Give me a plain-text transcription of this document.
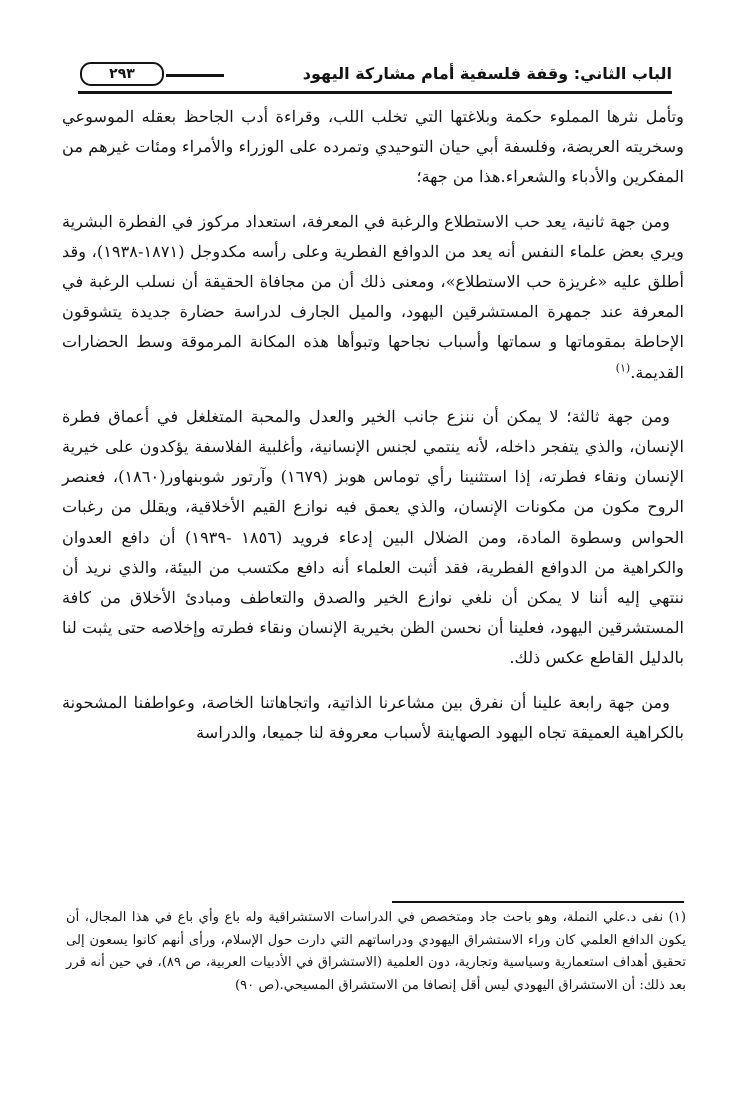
الباب الثاني: وقفة فلسفية أمام مشاركة اليهود
٢٩٣

وتأمل نثرها المملوء حكمة وبلاغتها التي تخلب اللب، وقراءة أدب الجاحظ بعقله الموسوعي وسخريته العريضة، وفلسفة أبي حيان التوحيدي وتمرده على الوزراء والأمراء ومئات غيرهم من المفكرين والأدباء والشعراء.هذا من جهة؛

ومن جهة ثانية، يعد حب الاستطلاع والرغبة في المعرفة، استعداد مركوز في الفطرة البشرية ويري بعض علماء النفس أنه يعد من الدوافع الفطرية وعلى رأسه مكدوجل (١٨٧١-١٩٣٨)، وقد أطلق عليه «غريزة حب الاستطلاع»، ومعنى ذلك أن من مجافاة الحقيقة أن نسلب الرغبة في المعرفة عند جمهرة المستشرقين اليهود، والميل الجارف لدراسة حضارة جديدة يتشوقون الإحاطة بمقوماتها و سماتها وأسباب نجاحها وتبوأها هذه المكانة المرموقة وسط الحضارات القديمة.$^{(١)}$

ومن جهة ثالثة؛ لا يمكن أن ننزع جانب الخير والعدل والمحبة المتغلغل في أعماق فطرة الإنسان، والذي يتفجر داخله، لأنه ينتمي لجنس الإنسانية، وأغلبية الفلاسفة يؤكدون على خيرية الإنسان ونقاء فطرته، إذا استثنينا رأي توماس هوبز (١٦٧٩) وآرتور شوبنهاور(١٨٦٠)، فعنصر الروح مكون من مكونات الإنسان، والذي يعمق فيه نوازع القيم الأخلاقية، ويقلل من رغبات الحواس وسطوة المادة، ومن الضلال البين إدعاء فرويد (١٨٥٦ -١٩٣٩) أن دافع العدوان والكراهية من الدوافع الفطرية، فقد أثبت العلماء أنه دافع مكتسب من البيئة، والذي نريد أن ننتهي إليه أننا لا يمكن أن نلغي نوازع الخير والصدق والتعاطف ومبادئ الأخلاق من كافة المستشرقين اليهود، فعلينا أن نحسن الظن بخيرية الإنسان ونقاء فطرته وإخلاصه حتى يثبت لنا بالدليل القاطع عكس ذلك.

ومن جهة رابعة علينا أن نفرق بين مشاعرنا الذاتية، واتجاهاتنا الخاصة، وعواطفنا المشحونة بالكراهية العميقة تجاه اليهود الصهاينة لأسباب معروفة لنا جميعا، والدراسة

(١) نفى د.علي النملة، وهو باحث جاد ومتخصص في الدراسات الاستشراقية وله باع وأي باع في هذا المجال، أن يكون الدافع العلمي كان وراء الاستشراق اليهودي ودراساتهم التي دارت حول الإسلام، ورأى أنهم كانوا يسعون إلى تحقيق أهداف استعمارية وسياسية وتجارية، دون العلمية (الاستشراق في الأدبيات العربية، ص ٨٩)، في حين أنه قرر بعد ذلك: أن الاستشراق اليهودي ليس أقل إنصافا من الاستشراق المسيحي.(ص ٩٠)
